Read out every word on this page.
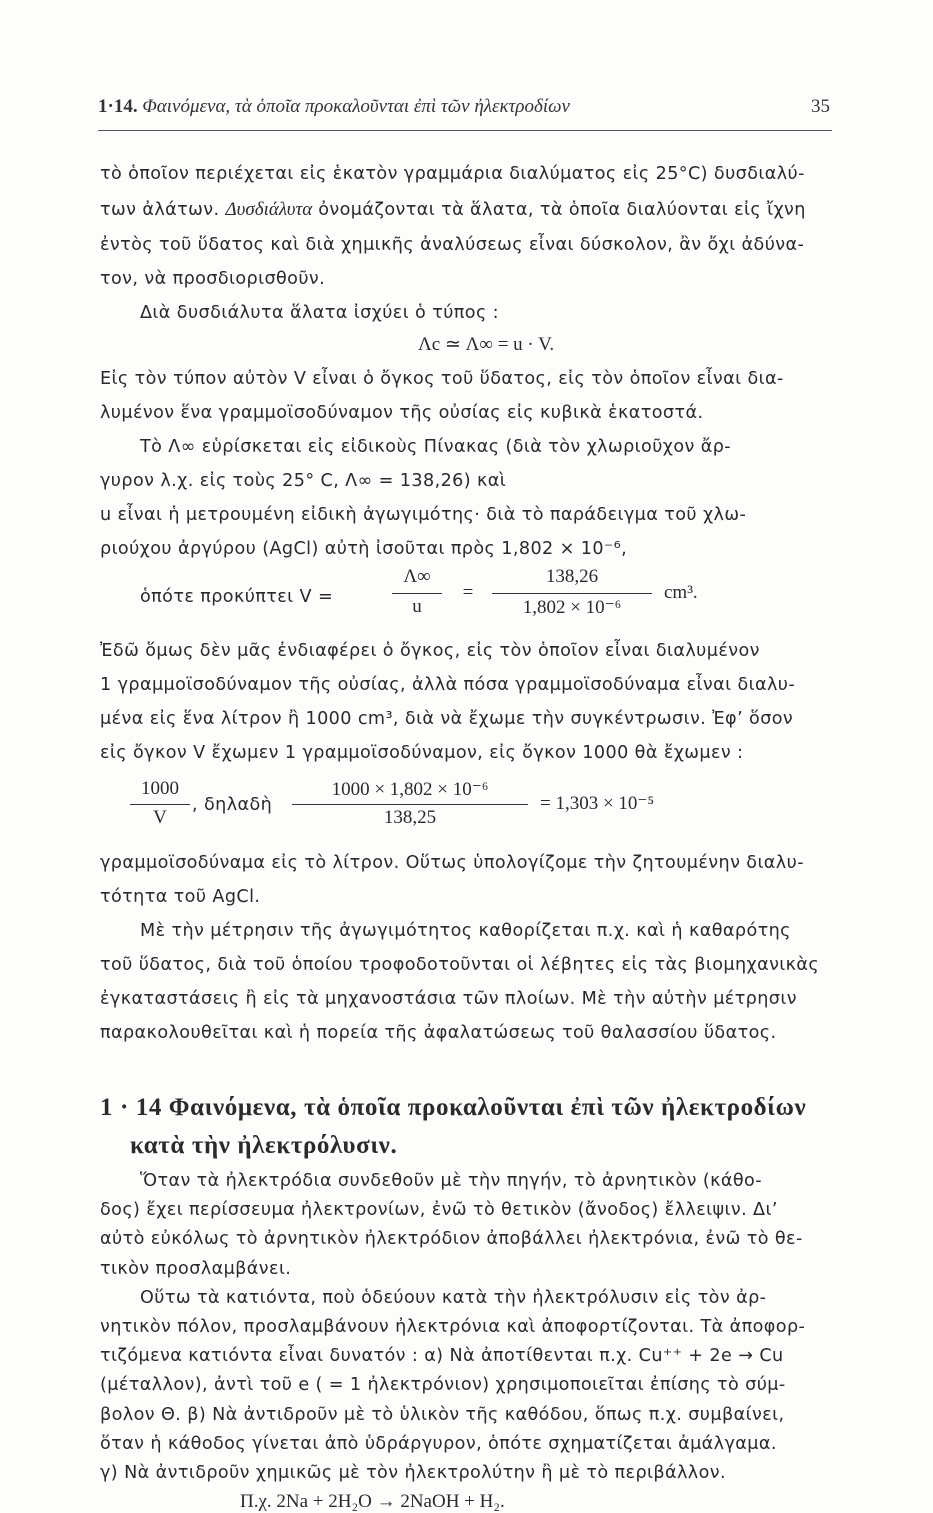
1·14. Φαινόμενα, τὰ ὁποῖα προκαλοῦνται ἐπὶ τῶν ἠλεκτροδίων	35
τὸ ὁποῖον περιέχεται εἰς ἑκατὸν γραμμάρια διαλύματος εἰς 25°C) δυσδιαλύ-
των ἀλάτων. Δυσδιάλυτα ὀνομάζονται τὰ ἅλατα, τὰ ὁποῖα διαλύονται εἰς ἴχνη
ἐντὸς τοῦ ὕδατος καὶ διὰ χημικῆς ἀναλύσεως εἶναι δύσκολον, ἂν ὄχι ἀδύνα-
τον, νὰ προσδιορισθοῦν.
Διὰ δυσδιάλυτα ἅλατα ἰσχύει ὁ τύπος :
Λc ≃ Λ∞ = u · V.
Εἰς τὸν τύπον αὐτὸν V εἶναι ὁ ὄγκος τοῦ ὕδατος, εἰς τὸν ὁποῖον εἶναι δια-
λυμένον ἕνα γραμμοϊσοδύναμον τῆς οὐσίας εἰς κυβικὰ ἑκατοστά.
Τὸ Λ∞ εὑρίσκεται εἰς εἰδικοὺς Πίνακας (διὰ τὸν χλωριοῦχον ἄρ-
γυρον λ.χ. εἰς τοὺς 25° C, Λ∞ = 138,26) καὶ
u εἶναι ἡ μετρουμένη εἰδικὴ ἀγωγιμότης· διὰ τὸ παράδειγμα τοῦ χλω-
ριούχου ἀργύρου (AgCl) αὐτὴ ἰσοῦται πρὸς 1,802 × 10⁻⁶,
ὁπότε προκύπτει V =
Λ∞
u
=
138,26
1,802 × 10⁻⁶
cm³.
Ἐδῶ ὅμως δὲν μᾶς ἐνδιαφέρει ὁ ὄγκος, εἰς τὸν ὁποῖον εἶναι διαλυμένον
1 γραμμοϊσοδύναμον τῆς οὐσίας, ἀλλὰ πόσα γραμμοϊσοδύναμα εἶναι διαλυ-
μένα εἰς ἕνα λίτρον ἢ 1000 cm³, διὰ νὰ ἔχωμε τὴν συγκέντρωσιν. Ἐφ’ ὅσον
εἰς ὄγκον V ἔχωμεν 1 γραμμοϊσοδύναμον, εἰς ὄγκον 1000 θὰ ἔχωμεν :
1000
V
, δηλαδὴ
1000 × 1,802 × 10⁻⁶
138,25
= 1,303 × 10⁻⁵
γραμμοϊσοδύναμα εἰς τὸ λίτρον. Οὕτως ὑπολογίζομε τὴν ζητουμένην διαλυ-
τότητα τοῦ AgCl.
Μὲ τὴν μέτρησιν τῆς ἀγωγιμότητος καθορίζεται π.χ. καὶ ἡ καθαρότης
τοῦ ὕδατος, διὰ τοῦ ὁποίου τροφοδοτοῦνται οἱ λέβητες εἰς τὰς βιομηχανικὰς
ἐγκαταστάσεις ἢ εἰς τὰ μηχανοστάσια τῶν πλοίων. Μὲ τὴν αὐτὴν μέτρησιν
παρακολουθεῖται καὶ ἡ πορεία τῆς ἀφαλατώσεως τοῦ θαλασσίου ὕδατος.
1 · 14 Φαινόμενα, τὰ ὁποῖα προκαλοῦνται ἐπὶ τῶν ἠλεκτροδίων
κατὰ τὴν ἠλεκτρόλυσιν.
Ὅταν τὰ ἠλεκτρόδια συνδεθοῦν μὲ τὴν πηγήν, τὸ ἀρνητικὸν (κάθο-
δος) ἔχει περίσσευμα ἠλεκτρονίων, ἐνῶ τὸ θετικὸν (ἄνοδος) ἔλλειψιν. Δι’
αὐτὸ εὐκόλως τὸ ἀρνητικὸν ἠλεκτρόδιον ἀποβάλλει ἠλεκτρόνια, ἐνῶ τὸ θε-
τικὸν προσλαμβάνει.
Οὕτω τὰ κατιόντα, ποὺ ὁδεύουν κατὰ τὴν ἠλεκτρόλυσιν εἰς τὸν ἀρ-
νητικὸν πόλον, προσλαμβάνουν ἠλεκτρόνια καὶ ἀποφορτίζονται. Τὰ ἀποφορ-
τιζόμενα κατιόντα εἶναι δυνατόν : α) Νὰ ἀποτίθενται π.χ. Cu⁺⁺ + 2e → Cu
(μέταλλον), ἀντὶ τοῦ e ( = 1 ἠλεκτρόνιον) χρησιμοποιεῖται ἐπίσης τὸ σύμ-
βολον Θ. β) Νὰ ἀντιδροῦν μὲ τὸ ὑλικὸν τῆς καθόδου, ὅπως π.χ. συμβαίνει,
ὅταν ἡ κάθοδος γίνεται ἀπὸ ὑδράργυρον, ὁπότε σχηματίζεται ἀμάλγαμα.
γ) Νὰ ἀντιδροῦν χημικῶς μὲ τὸν ἠλεκτρολύτην ἢ μὲ τὸ περιβάλλον.
Π.χ. 2Na + 2H₂O → 2NaOH + H₂.
